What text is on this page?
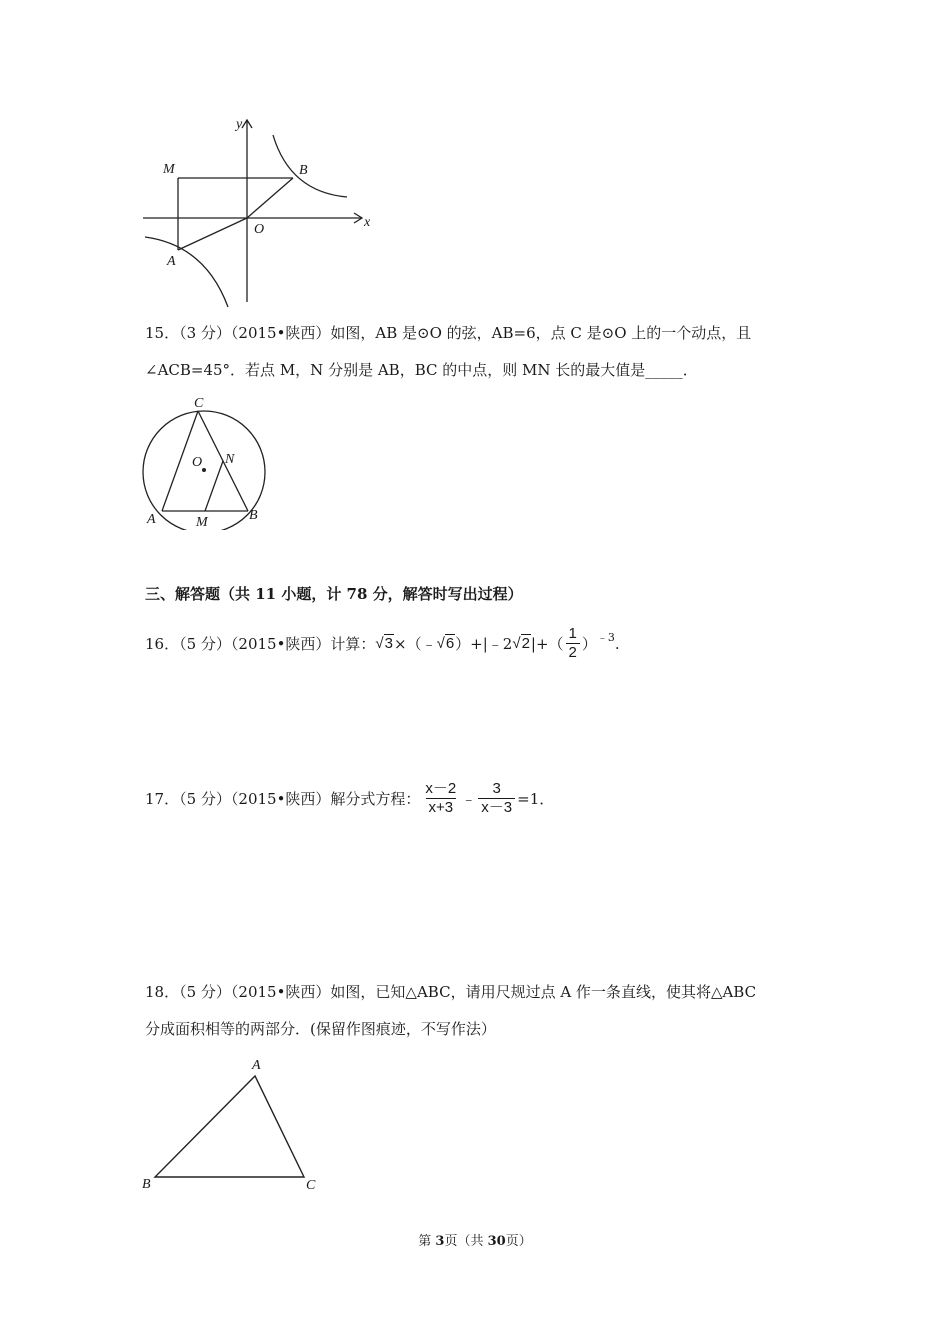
y
x
M	B
O
A
15．（3 分）（2015•陕西）如图，AB 是⊙O 的弦，AB=6，点 C 是⊙O 上的一个动点，且
∠ACB=45°．若点 M，N 分别是 AB，BC 的中点，则 MN 长的最大值是_____．
C
O N
A	M	B
三、解答题（共 11 小题，计 78 分，解答时写出过程）
16．（5 分）（2015•陕西）计算： √ 3 ×（﹣ √ 6 ）+|﹣2 √ 2 |+（ $\frac{1}{2} )^{﹣3}$ .
17．（5 分）（2015•陕西）解分式方程： $\frac{x-2}{x+3}$ ﹣ $\frac{3}{x-3} =1$．
18．（5 分）（2015•陕西）如图，已知△ABC，请用尺规过点 A 作一条直线，使其将△ABC
分成面积相等的两部分．(保留作图痕迹，不写作法）
A
B	C
第 3页（共 30页）
